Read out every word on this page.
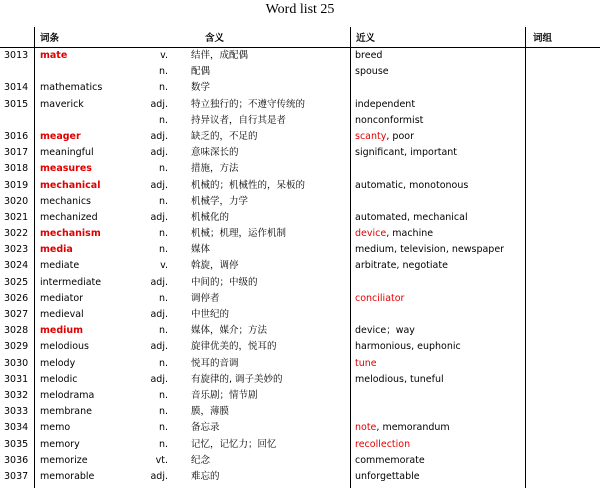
Word list 25
词条	含义	近义	词组
3013 mate	v. 结伴，成配偶	breed
n. 配偶	spouse
3014 mathematics	n. 数学
3015 maverick	adj. 特立独行的；不遵守传统的	independent
n. 持异议者，自行其是者	nonconformist
3016 meager	adj. 缺乏的，不足的	scanty, poor
3017 meaningful	adj. 意味深长的	significant, important
3018 measures	n. 措施，方法
3019 mechanical	adj. 机械的；机械性的，呆板的	automatic, monotonous
3020 mechanics	n. 机械学，力学
3021 mechanized	adj. 机械化的	automated, mechanical
3022 mechanism	n. 机械；机理，运作机制	device, machine
3023 media	n. 媒体	medium, television, newspaper
3024 mediate	v. 斡旋，调停	arbitrate, negotiate
3025 intermediate	adj. 中间的；中级的
3026 mediator	n. 调停者	conciliator
3027 medieval	adj. 中世纪的
3028 medium	n. 媒体，媒介；方法	device；way
3029 melodious	adj. 旋律优美的，悦耳的	harmonious, euphonic
3030 melody	n. 悦耳的音调	tune
3031 melodic	adj. 有旋律的, 调子美妙的	melodious, tuneful
3032 melodrama	n. 音乐剧；情节剧
3033 membrane	n. 膜，薄膜
3034 memo	n. 备忘录	note, memorandum
3035 memory	n. 记忆，记忆力；回忆	recollection
3036 memorize	vt. 纪念	commemorate
3037 memorable	adj. 难忘的	unforgettable
